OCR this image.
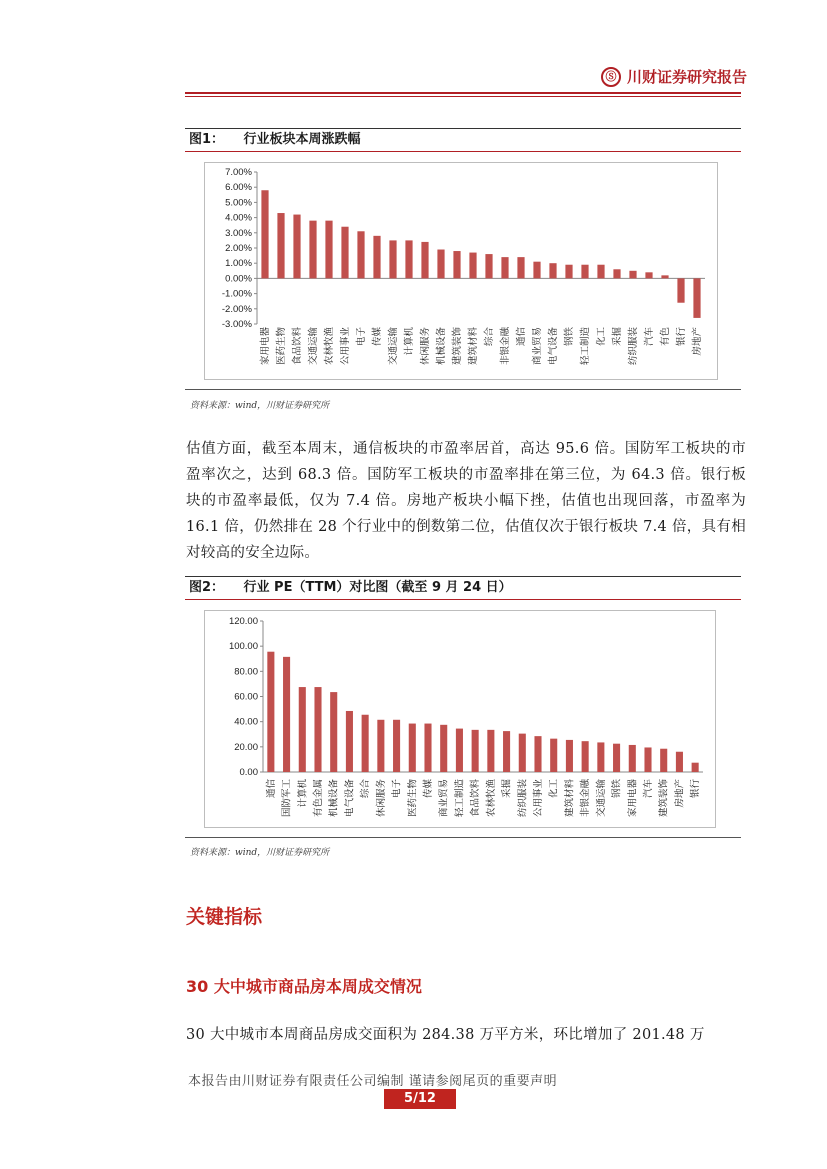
Ⓢ 川财证券研究报告
图1： 行业板块本周涨跌幅
7.00%
6.00%
5.00%
4.00%
3.00%
2.00%
1.00%
0.00%
-1.00%
-2.00%
-3.00%
家用电器 医药生物 食品饮料 交通运输 农林牧渔 公用事业 电子 传媒 交通运输 计算机 休闲服务 机械设备 建筑装饰 建筑材料 综合 非银金融 通信 商业贸易 电气设备 钢铁 轻工制造 化工 采掘 纺织服装 汽车 有色 银行 房地产
资料来源：wind，川财证券研究所
估值方面，截至本周末，通信板块的市盈率居首，高达 95.6 倍。国防军工板块的市盈率次之，达到 68.3 倍。国防军工板块的市盈率排在第三位，为 64.3 倍。银行板块的市盈率最低，仅为 7.4 倍。房地产板块小幅下挫，估值也出现回落，市盈率为 16.1 倍，仍然排在 28 个行业中的倒数第二位，估值仅次于银行板块 7.4 倍，具有相对较高的安全边际。
图2： 行业 PE（TTM）对比图（截至 9 月 24 日）
120.00
100.00
80.00
60.00
40.00
20.00
0.00
通信 国防军工 计算机 有色金属 机械设备 电气设备 综合 休闲服务 电子 医药生物 传媒 商业贸易 轻工制造 食品饮料 农林牧渔 采掘 纺织服装 公用事业 化工 建筑材料 非银金融 交通运输 钢铁 家用电器 汽车 建筑装饰 房地产 银行
资料来源：wind，川财证券研究所
关键指标
30 大中城市商品房本周成交情况
30 大中城市本周商品房成交面积为 284.38 万平方米，环比增加了 201.48 万
本报告由川财证券有限责任公司编制 谨请参阅尾页的重要声明
5/12
